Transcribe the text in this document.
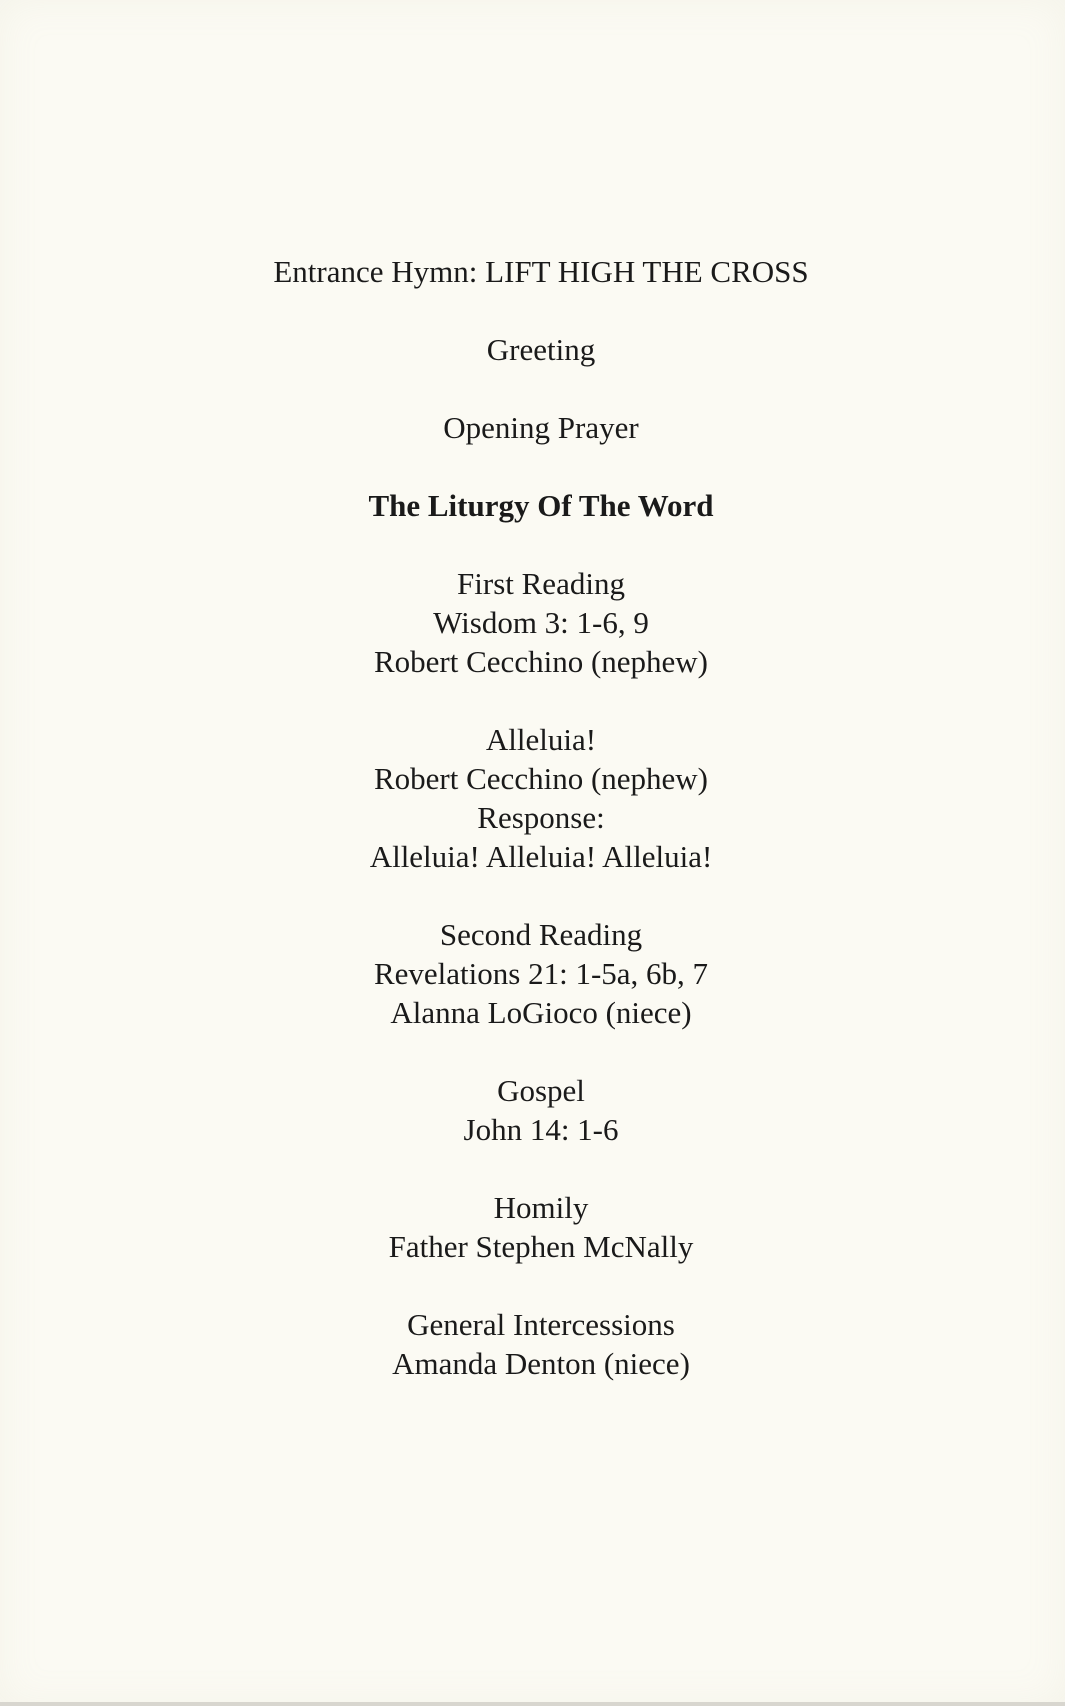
Entrance Hymn: LIFT HIGH THE CROSS
Greeting
Opening Prayer
The Liturgy Of The Word
First Reading
Wisdom 3: 1-6, 9
Robert Cecchino (nephew)
Alleluia!
Robert Cecchino (nephew)
Response:
Alleluia! Alleluia! Alleluia!
Second Reading
Revelations 21: 1-5a, 6b, 7
Alanna LoGioco (niece)
Gospel
John 14: 1-6
Homily
Father Stephen McNally
General Intercessions
Amanda Denton (niece)
